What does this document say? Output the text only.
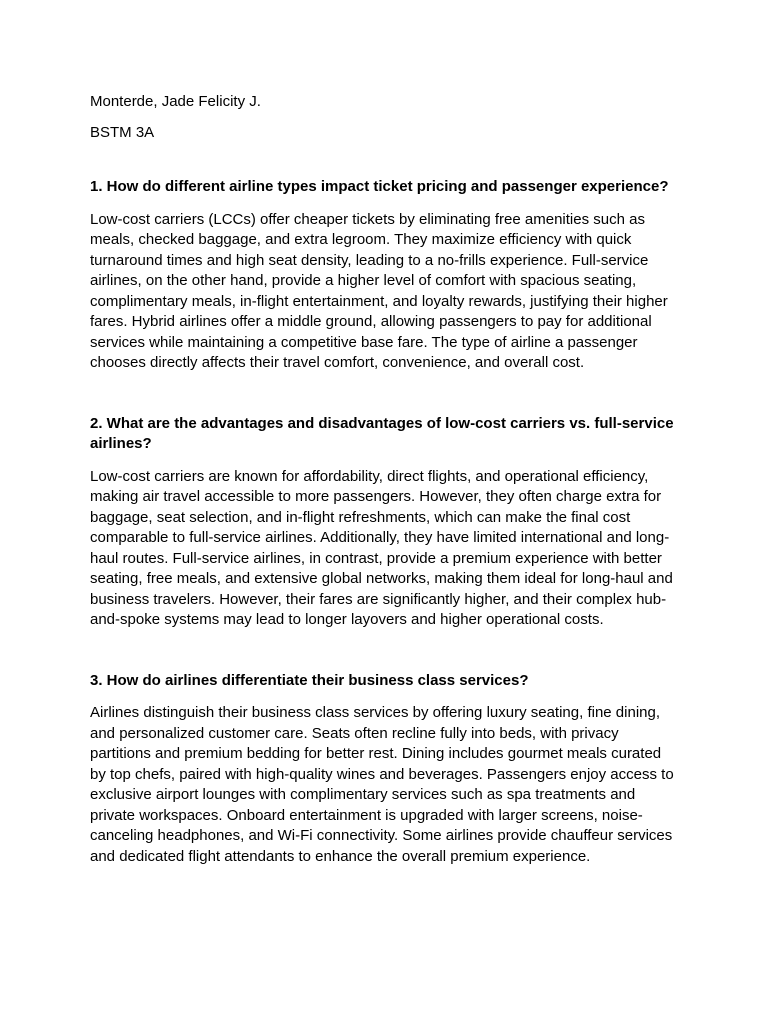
Monterde, Jade Felicity J.

BSTM 3A

1. How do different airline types impact ticket pricing and passenger experience?

Low-cost carriers (LCCs) offer cheaper tickets by eliminating free amenities such as meals, checked baggage, and extra legroom. They maximize efficiency with quick turnaround times and high seat density, leading to a no-frills experience. Full-service airlines, on the other hand, provide a higher level of comfort with spacious seating, complimentary meals, in-flight entertainment, and loyalty rewards, justifying their higher fares. Hybrid airlines offer a middle ground, allowing passengers to pay for additional services while maintaining a competitive base fare. The type of airline a passenger chooses directly affects their travel comfort, convenience, and overall cost.

2. What are the advantages and disadvantages of low-cost carriers vs. full-service airlines?

Low-cost carriers are known for affordability, direct flights, and operational efficiency, making air travel accessible to more passengers. However, they often charge extra for baggage, seat selection, and in-flight refreshments, which can make the final cost comparable to full-service airlines. Additionally, they have limited international and long-haul routes. Full-service airlines, in contrast, provide a premium experience with better seating, free meals, and extensive global networks, making them ideal for long-haul and business travelers. However, their fares are significantly higher, and their complex hub-and-spoke systems may lead to longer layovers and higher operational costs.

3. How do airlines differentiate their business class services?

Airlines distinguish their business class services by offering luxury seating, fine dining, and personalized customer care. Seats often recline fully into beds, with privacy partitions and premium bedding for better rest. Dining includes gourmet meals curated by top chefs, paired with high-quality wines and beverages. Passengers enjoy access to exclusive airport lounges with complimentary services such as spa treatments and private workspaces. Onboard entertainment is upgraded with larger screens, noise-canceling headphones, and Wi-Fi connectivity. Some airlines provide chauffeur services and dedicated flight attendants to enhance the overall premium experience.
